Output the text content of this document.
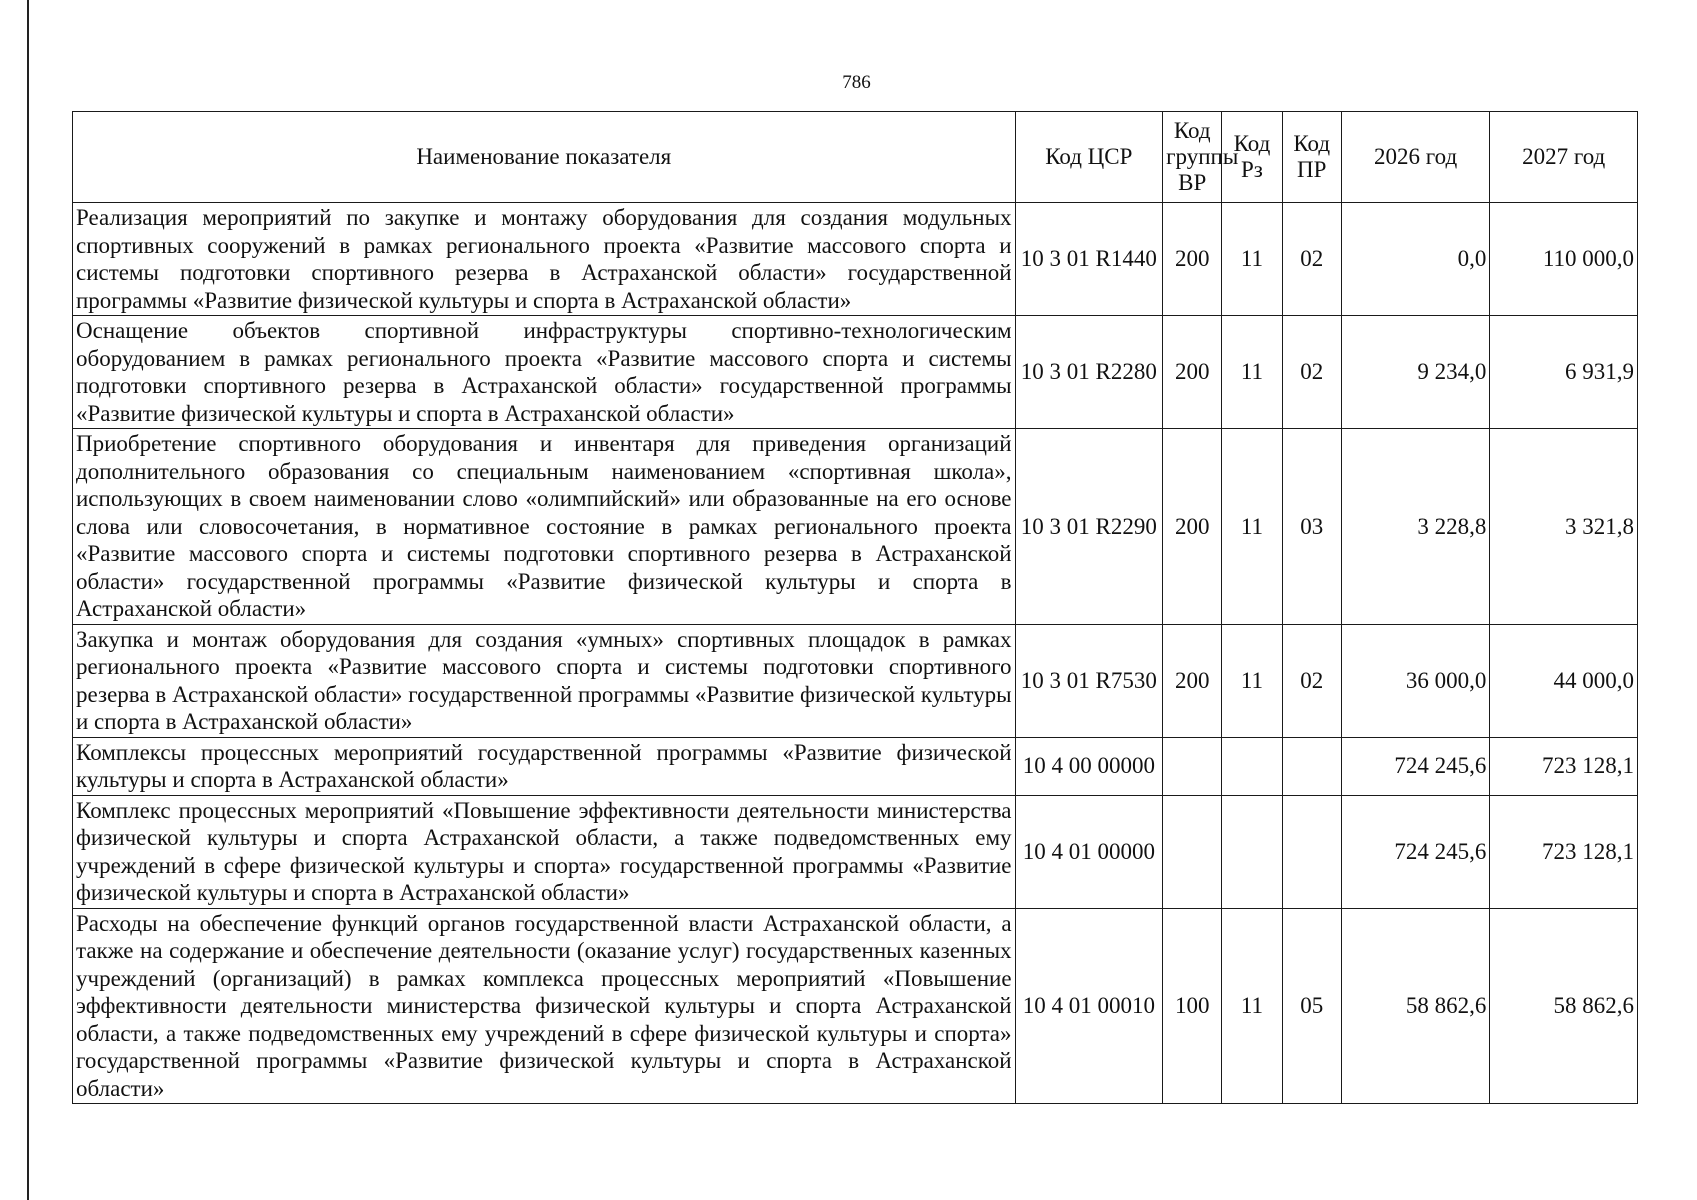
786
Наименование показателя	Код ЦСР	Код группы ВР	Код Рз	Код ПР	2026 год	2027 год
Реализация мероприятий по закупке и монтажу оборудования для создания модульных спортивных сооружений в рамках регионального проекта «Развитие массового спорта и системы подготовки спортивного резерва в Астраханской области» государственной программы «Развитие физической культуры и спорта в Астраханской области»	10 3 01 R1440	200	11	02	0,0	110 000,0
Оснащение объектов спортивной инфраструктуры спортивно-технологическим оборудованием в рамках регионального проекта «Развитие массового спорта и системы подготовки спортивного резерва в Астраханской области» государственной программы «Развитие физической культуры и спорта в Астраханской области»	10 3 01 R2280	200	11	02	9 234,0	6 931,9
Приобретение спортивного оборудования и инвентаря для приведения организаций дополнительного образования со специальным наименованием «спортивная школа», использующих в своем наименовании слово «олимпийский» или образованные на его основе слова или словосочетания, в нормативное состояние в рамках регионального проекта «Развитие массового спорта и системы подготовки спортивного резерва в Астраханской области» государственной программы «Развитие физической культуры и спорта в Астраханской области»	10 3 01 R2290	200	11	03	3 228,8	3 321,8
Закупка и монтаж оборудования для создания «умных» спортивных площадок в рамках регионального проекта «Развитие массового спорта и системы подготовки спортивного резерва в Астраханской области» государственной программы «Развитие физической культуры и спорта в Астраханской области»	10 3 01 R7530	200	11	02	36 000,0	44 000,0
Комплексы процессных мероприятий государственной программы «Развитие физической культуры и спорта в Астраханской области»	10 4 00 00000				724 245,6	723 128,1
Комплекс процессных мероприятий «Повышение эффективности деятельности министерства физической культуры и спорта Астраханской области, а также подведомственных ему учреждений в сфере физической культуры и спорта» государственной программы «Развитие физической культуры и спорта в Астраханской области»	10 4 01 00000				724 245,6	723 128,1
Расходы на обеспечение функций органов государственной власти Астраханской области, а также на содержание и обеспечение деятельности (оказание услуг) государственных казенных учреждений (организаций) в рамках комплекса процессных мероприятий «Повышение эффективности деятельности министерства физической культуры и спорта Астраханской области, а также подведомственных ему учреждений в сфере физической культуры и спорта» государственной программы «Развитие физической культуры и спорта в Астраханской области»	10 4 01 00010	100	11	05	58 862,6	58 862,6
